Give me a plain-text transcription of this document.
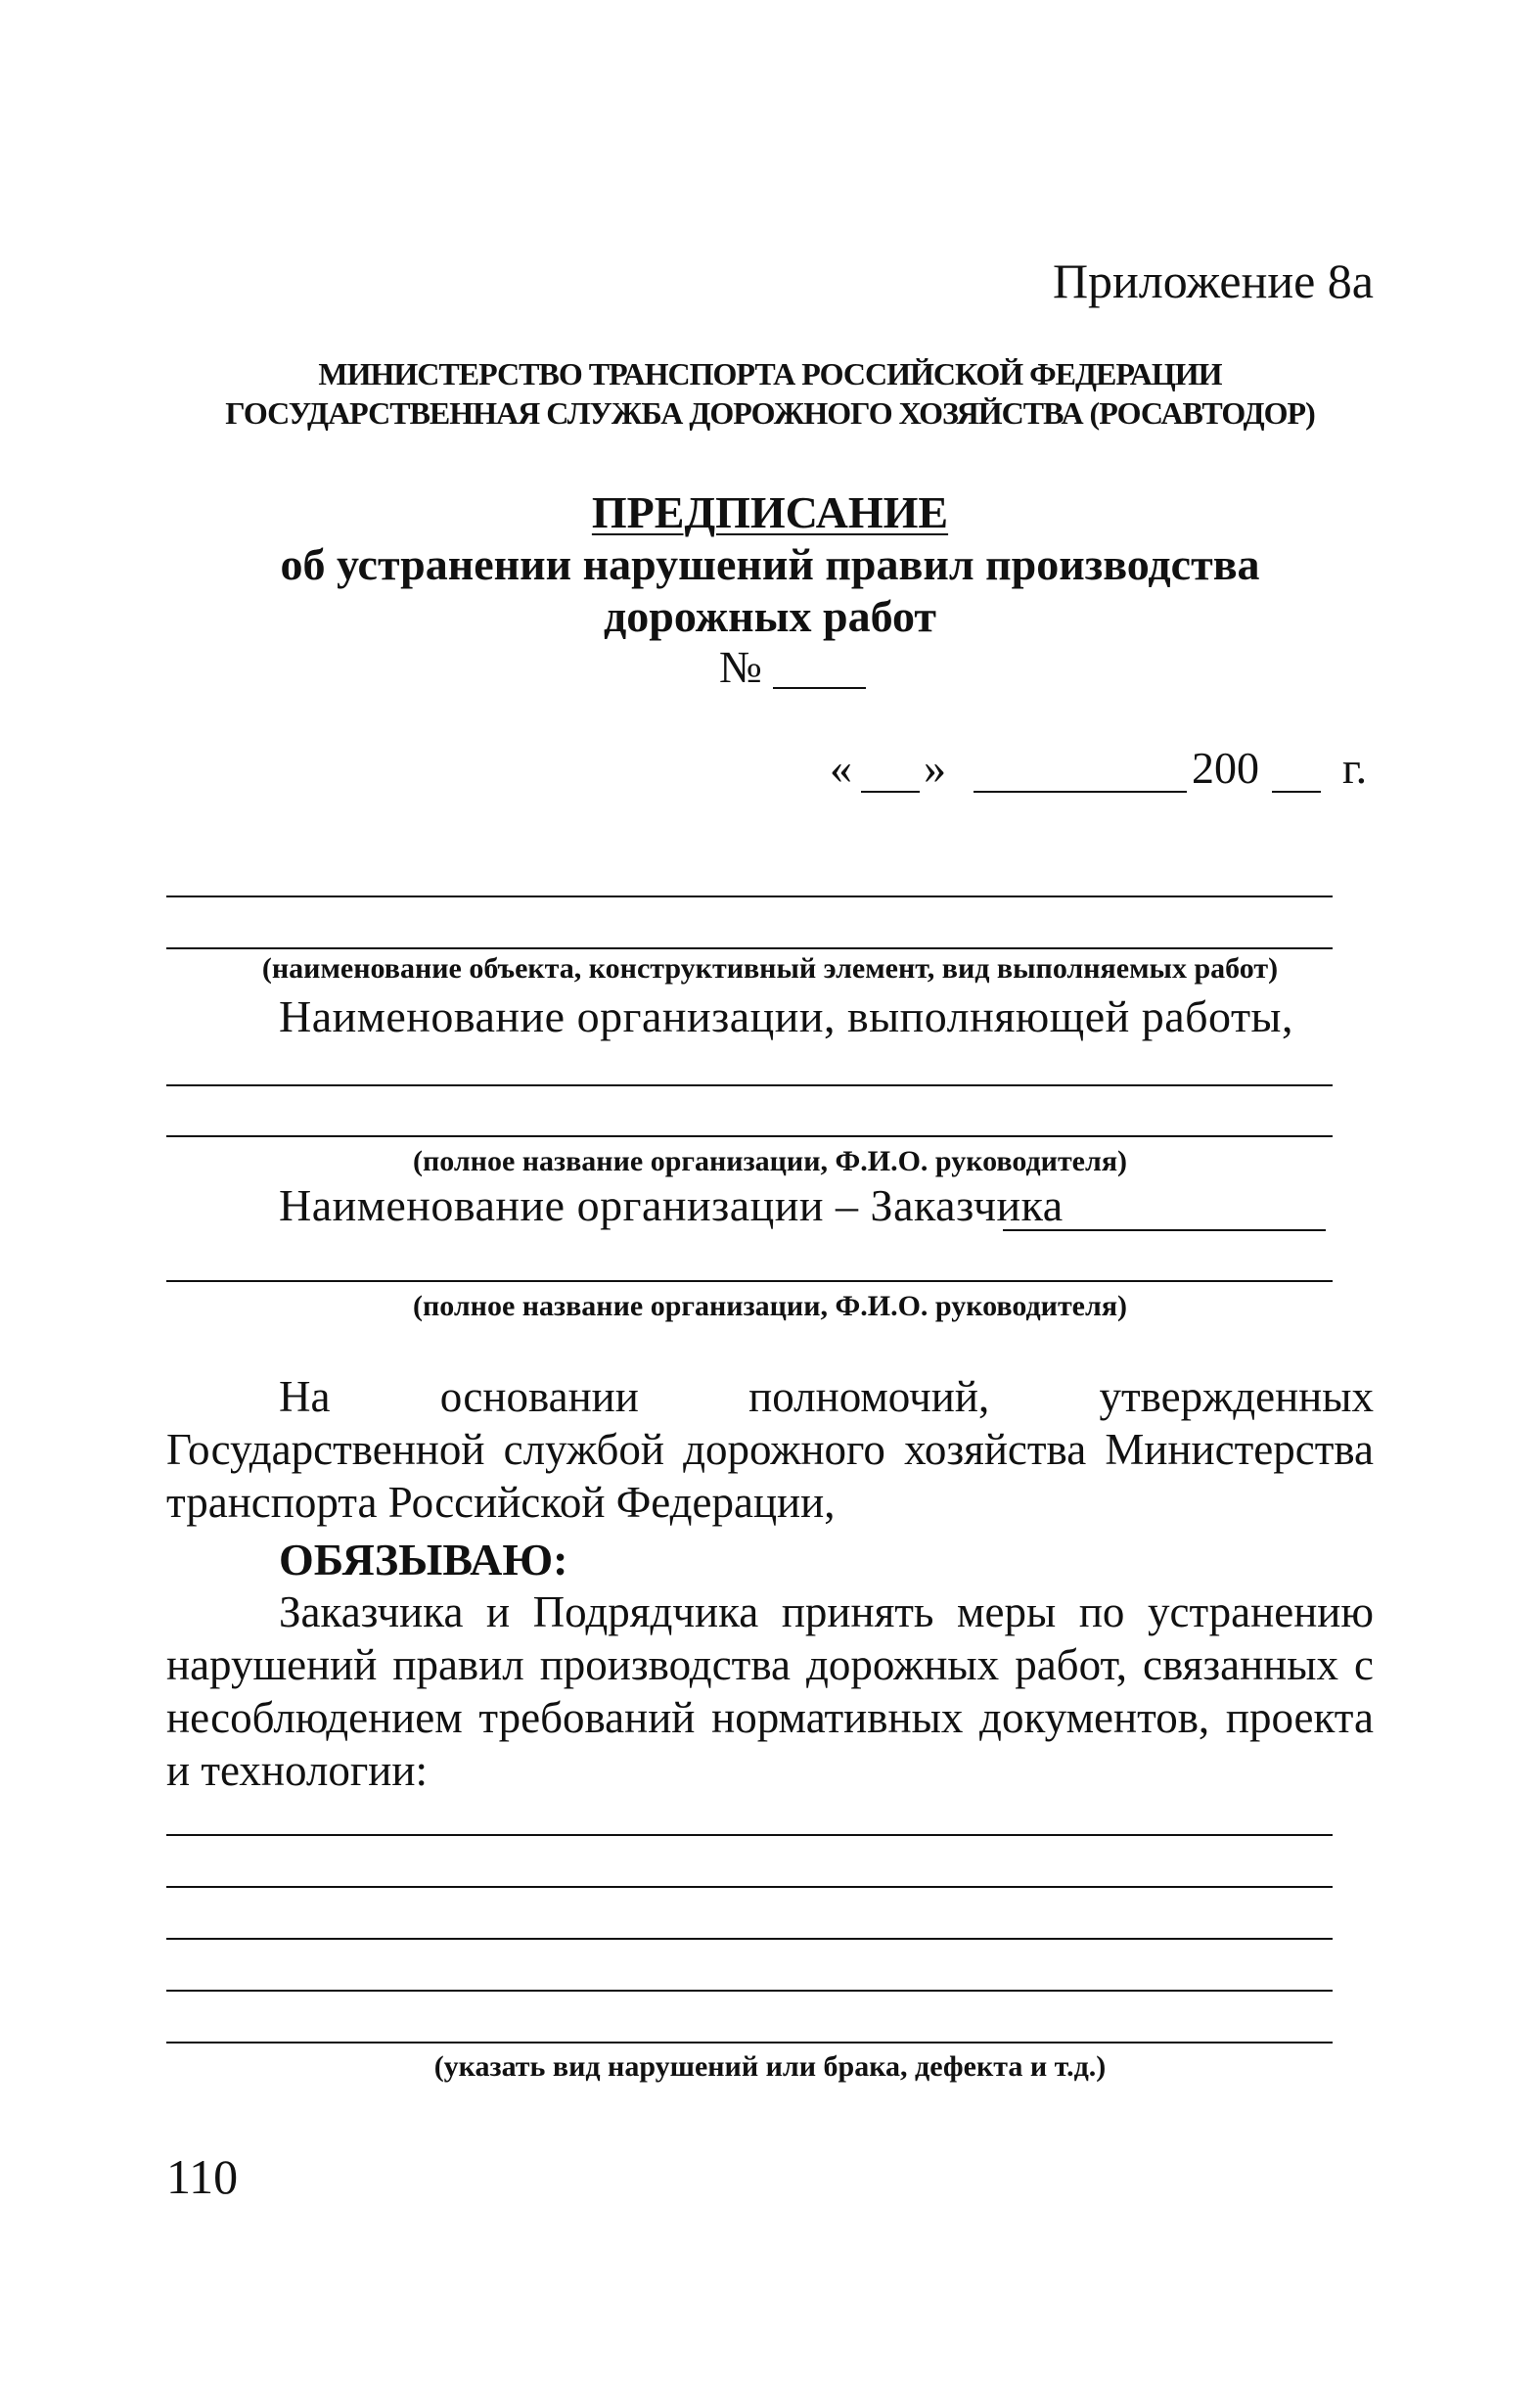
Приложение 8а
МИНИСТЕРСТВО ТРАНСПОРТА РОССИЙСКОЙ ФЕДЕРАЦИИ
ГОСУДАРСТВЕННАЯ СЛУЖБА ДОРОЖНОГО ХОЗЯЙСТВА (РОСАВТОДОР)
ПРЕДПИСАНИЕ
об устранении нарушений правил производства
дорожных работ
№
« »	200 г.
(наименование объекта, конструктивный элемент, вид выполняемых работ)
Наименование организации, выполняющей работы,
(полное название организации, Ф.И.О. руководителя)
Наименование организации – Заказчика
(полное название организации, Ф.И.О. руководителя)
На основании полномочий, утвержденных Государственной службой дорожного хозяйства Министерства транспорта Российской Федерации,
ОБЯЗЫВАЮ:
Заказчика и Подрядчика принять меры по устранению нарушений правил производства дорожных работ, связанных с несоблюдением требований нормативных документов, проекта и технологии:
(указать вид нарушений или брака, дефекта и т.д.)
110
